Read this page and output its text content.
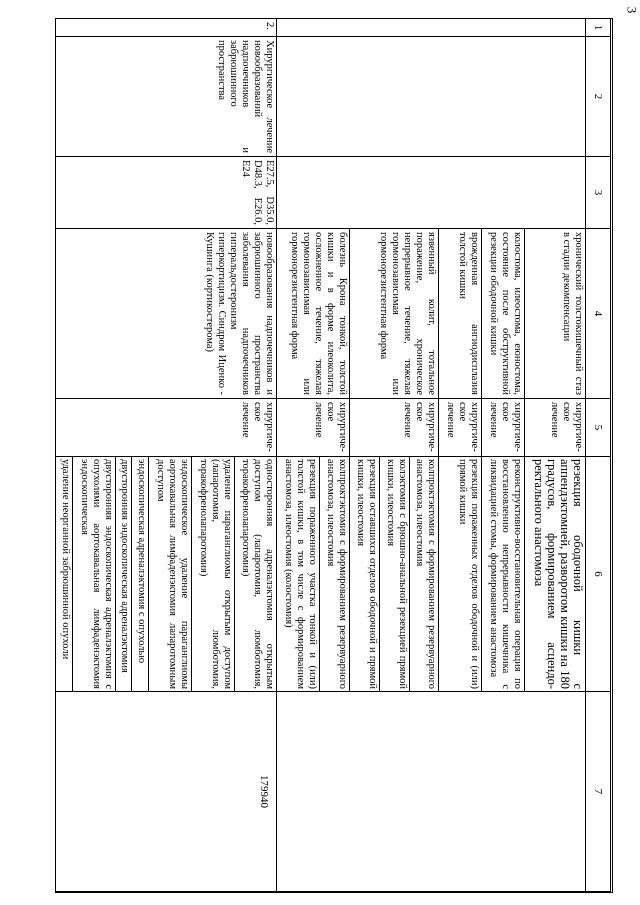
3
1	2	3	4	5	6	7
			хронический толстокишечный стаз в стадии декомпенсации	хирургиче-ское лечение	
резекция ободочной кишки с аппендэктомией, разворотом кишки на 180 градусов, формированием асцендо-ректального анастомоза

колостома, илеостома, еюностома, состояние после обструктивной резекции ободочной кишки	хирургиче-ское лечение	
реконструктивно-восстановительная операция по восстановлению непрерывности кишечника с ликвидацией стомы, формированием анастомоза

врожденная ангиодисплазия толстой кишки	хирургиче-ское лечение	
резекция пораженных отделов ободочной и (или) прямой кишки

язвенный колит, тотальное поражение, хроническое непрерывное течение, тяжелая гормонозависимая или гормонорезистентная форма	хирургиче-ское лечение	
колпроктэктомия с формированием резервуарного анастомоза, илеостомия
колэктомия с брюшно-анальной резекцией прямой кишки, илеостомия
резекция оставшихся отделов ободочной и прямой кишки, илеостомия

болезнь Крона тонкой, толстой кишки и в форме илеоколита, осложненное течение, тяжелая гормонозависимая или гормонорезистентная форма	хирургиче-ское лечение	
колпроктэктомия с формированием резервуарного анастомоза, илеостомия
резекция пораженного участка тонкой и (или) толстой кишки, в том числе с формированием анастомоза, илеостомия (колостомия)

2.	Хирургическое лечение новообразований надпочечников и забрюшинного пространства	E27.5, D35.0, D48.3, E26.0, E24	новообразования надпочечников и забрюшинного пространства заболевания надпочечников гиперальдостеронизм гиперкортицизм. Синдром Иценко - Кушинга (кортикостерома)	хирургиче-ское лечение	
односторонняя адреналэктомия открытым доступом (лапаротомия, люмботомия, торакофренолапаротомия)
удаление параганглиомы открытым доступом (лапаротомия, люмботомия, торакофренолапаротомия)
эндоскопическое удаление параганглиомы аортокавальная лимфаденэктомия лапаротомным доступом
эндоскопическая адреналэктомия с опухолью
двусторонняя эндоскопическая адреналэктомия
двусторонняя эндоскопическая адреналэктомия с опухолями аортокавальная лимфаденэктомия эндоскопическая
удаление неорганной забрюшинной опухоли
	179940
